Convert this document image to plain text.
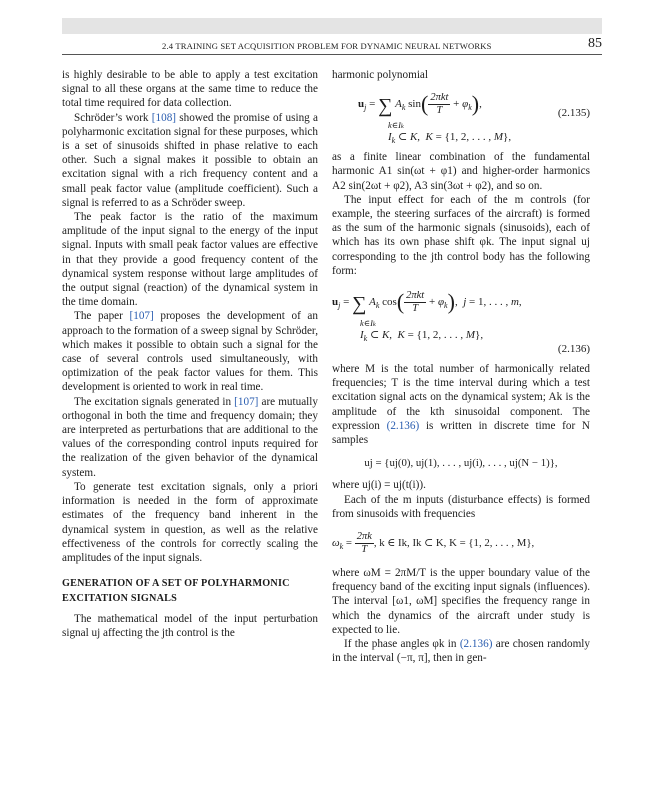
2.4 TRAINING SET ACQUISITION PROBLEM FOR DYNAMIC NEURAL NETWORKS	85

is highly desirable to be able to apply a test excitation signal to all these organs at the same time to reduce the total time required for data collection.

Schröder’s work [108] showed the promise of using a polyharmonic excitation signal for these purposes, which is a set of sinusoids shifted in phase relative to each other. Such a signal makes it possible to obtain an excitation signal with a rich frequency content and a small peak factor value (amplitude coefficient). Such a signal is referred to as a Schröder sweep.

The peak factor is the ratio of the maximum amplitude of the input signal to the energy of the input signal. Inputs with small peak factor values are effective in that they provide a good frequency content of the dynamical system response without large amplitudes of the output signal (reaction) of the dynamical system in the time domain.

The paper [107] proposes the development of an approach to the formation of a sweep signal by Schröder, which makes it possible to obtain such a signal for the case of several controls used simultaneously, with optimization of the peak factor values for them. This development is oriented to work in real time.

The excitation signals generated in [107] are mutually orthogonal in both the time and frequency domain; they are interpreted as perturbations that are additional to the values of the corresponding control inputs required for the realization of the given behavior of the dynamical system.

To generate test excitation signals, only a priori information is needed in the form of approximate estimates of the frequency band inherent in the dynamical system in question, as well as the relative effectiveness of the controls for correctly scaling the amplitudes of the input signals.

GENERATION OF A SET OF POLYHARMONIC EXCITATION SIGNALS

The mathematical model of the input perturbation signal uj affecting the jth control is the

harmonic polynomial

$u_j$ = ∑ $A_k$ $\sin( \frac{\text{2πkt}}{T} + \varphi_k)$,
k∈Ik
(2.135)
$I_k$ ⊂ K,  K = {1, 2, . . . , M},

as a finite linear combination of the fundamental harmonic A1 sin(ωt + φ1) and higher-order harmonics A2 sin(2ωt + φ2), A3 sin(3ωt + φ2), and so on.

The input effect for each of the m controls (for example, the steering surfaces of the aircraft) is formed as the sum of the harmonic signals (sinusoids), each of which has its own phase shift φk. The input signal uj corresponding to the jth control body has the following form:

$u_j$ = ∑ $A_k$ $\cos( \frac{\text{2πkt}}{T} + \varphi_k)$,  j = 1, . . . , m,
k∈Ik
$I_k$ ⊂ K,  K = {1, 2, . . . , M},
(2.136)

where M is the total number of harmonically related frequencies; T is the time interval during which a test excitation signal acts on the dynamical system; Ak is the amplitude of the kth sinusoidal component. The expression (2.136) is written in discrete time for N samples

uj = {uj(0), uj(1), . . . , uj(i), . . . , uj(N − 1)},

where uj(i) = uj(t(i)).

Each of the m inputs (disturbance effects) is formed from sinusoids with frequencies

$\omega_k = \frac{2\pi k}{T}$ , k ∈ Ik, Ik ⊂ K, K = {1, 2, . . . , M},

where ωM = 2πM/T is the upper boundary value of the frequency band of the exciting input signals (influences). The interval [ω1, ωM] specifies the frequency range in which the dynamics of the aircraft under study is expected to lie.

If the phase angles φk in (2.136) are chosen randomly in the interval (−π, π], then in gen-
